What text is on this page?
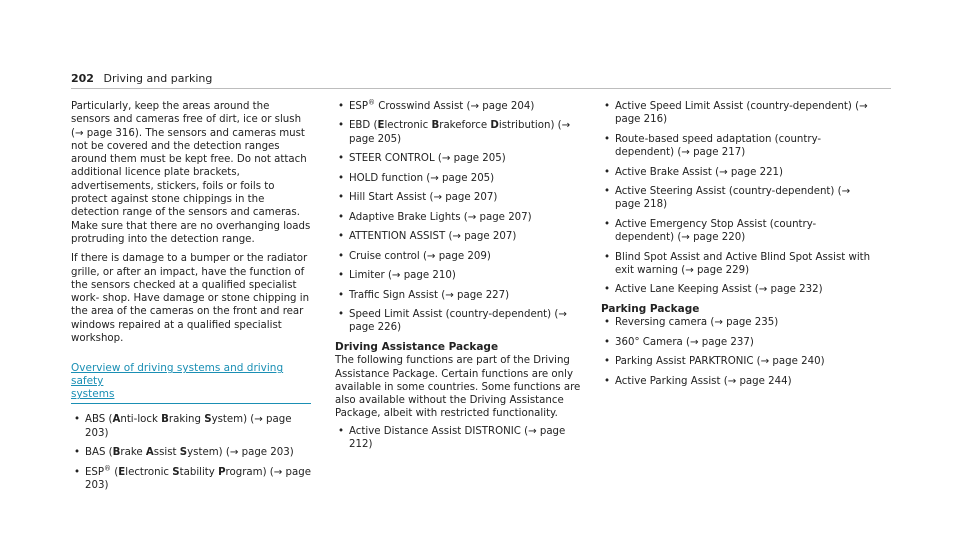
202 Driving and parking

Particularly, keep the areas around the sensors and cameras free of dirt, ice or slush (→ page 316). The sensors and cameras must not be covered and the detection ranges around them must be kept free. Do not attach additional licence plate brackets, advertisements, stickers, foils or foils to protect against stone chippings in the detection range of the sensors and cameras. Make sure that there are no overhanging loads protruding into the detection range.

If there is damage to a bumper or the radiator grille, or after an impact, have the function of the sensors checked at a qualified specialist work- shop. Have damage or stone chipping in the area of the cameras on the front and rear windows repaired at a qualified specialist workshop.

Overview of driving systems and driving safety
systems
• ABS (Anti-lock Braking System) (→ page 203)
• BAS (Brake Assist System) (→ page 203)
• ESP® (Electronic Stability Program) (→ page 203)
• ESP® Crosswind Assist (→ page 204)
• EBD (Electronic Brakeforce Distribution) (→ page 205)
• STEER CONTROL (→ page 205)
• HOLD function (→ page 205)
• Hill Start Assist (→ page 207)
• Adaptive Brake Lights (→ page 207)
• ATTENTION ASSIST (→ page 207)
• Cruise control (→ page 209)
• Limiter (→ page 210)
• Traffic Sign Assist (→ page 227)
• Speed Limit Assist (country-dependent) (→ page 226)
Driving Assistance Package

The following functions are part of the Driving Assistance Package. Certain functions are only available in some countries. Some functions are also available without the Driving Assistance Package, albeit with restricted functionality.

• Active Distance Assist DISTRONIC (→ page 212)
• Active Speed Limit Assist (country-dependent) (→ page 216)
• Route-based speed adaptation (country- dependent) (→ page 217)
• Active Brake Assist (→ page 221)
• Active Steering Assist (country-dependent) (→ page 218)
• Active Emergency Stop Assist (country- dependent) (→ page 220)
• Blind Spot Assist and Active Blind Spot Assist with exit warning (→ page 229)
• Active Lane Keeping Assist (→ page 232)
Parking Package
• Reversing camera (→ page 235)
• 360° Camera (→ page 237)
• Parking Assist PARKTRONIC (→ page 240)
• Active Parking Assist (→ page 244)
